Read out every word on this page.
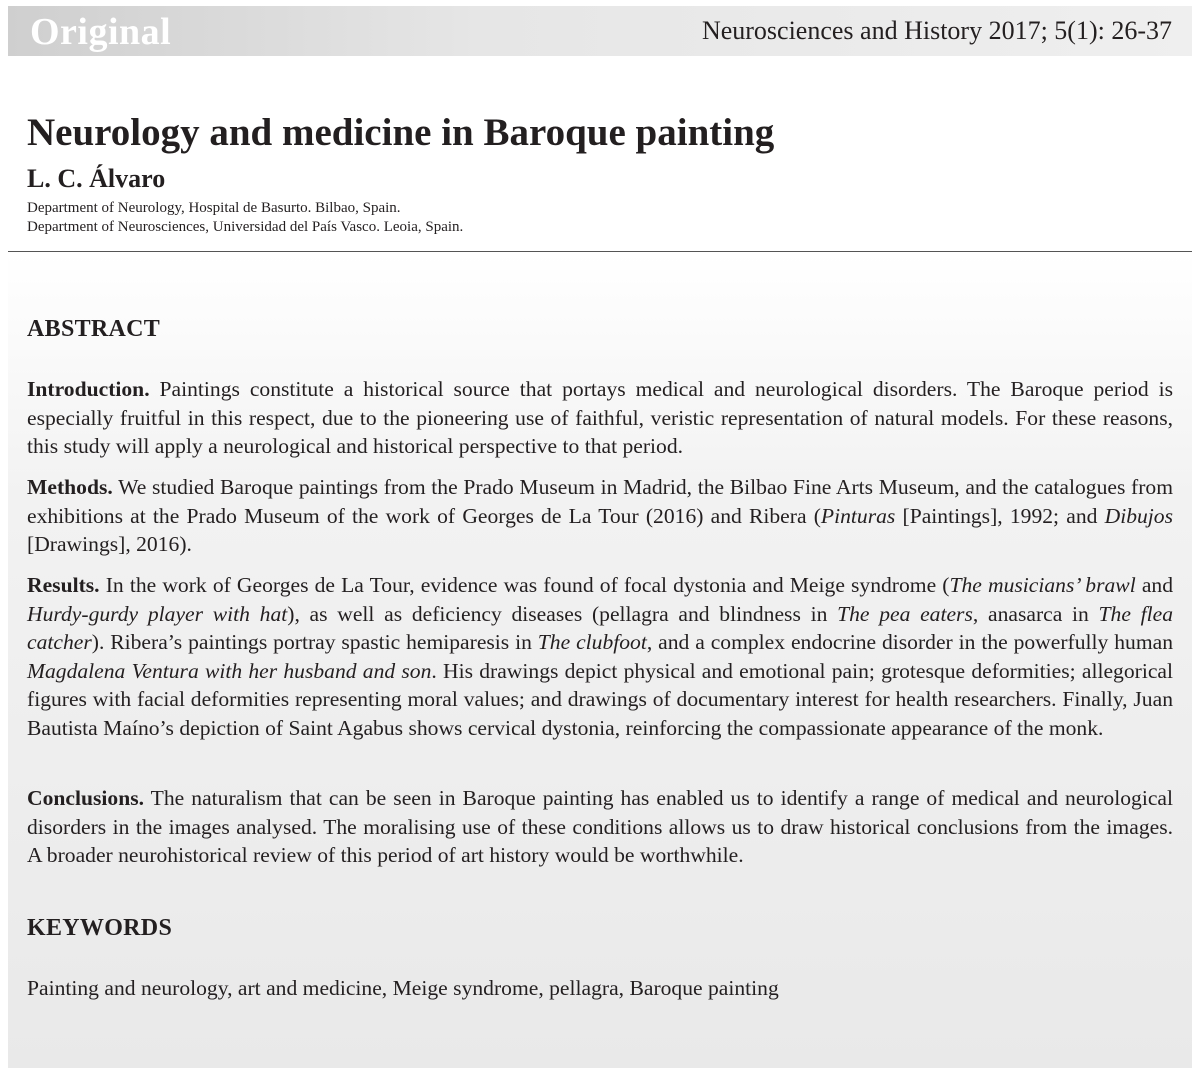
Original	Neurosciences and History 2017; 5(1): 26-37
Neurology and medicine in Baroque painting
L. C. Álvaro
Department of Neurology, Hospital de Basurto. Bilbao, Spain.
Department of Neurosciences, Universidad del País Vasco. Leoia, Spain.
ABSTRACT

Introduction. Paintings constitute a historical source that portays medical and neurological disorders. The Baroque period is especially fruitful in this respect, due to the pioneering use of faithful, veristic representation of natural models. For these reasons, this study will apply a neurological and historical perspective to that period.

Methods. We studied Baroque paintings from the Prado Museum in Madrid, the Bilbao Fine Arts Museum, and the catalogues from exhibitions at the Prado Museum of the work of Georges de La Tour (2016) and Ribera (Pinturas [Paintings], 1992; and Dibujos [Drawings], 2016).

Results. In the work of Georges de La Tour, evidence was found of focal dystonia and Meige syndrome (The musicians’ brawl and Hurdy-gurdy player with hat), as well as deficiency diseases (pellagra and blindness in The pea eaters, anasarca in The flea catcher). Ribera’s paintings portray spastic hemiparesis in The clubfoot, and a complex endocrine disorder in the powerfully human Magdalena Ventura with her husband and son. His drawings depict physical and emotional pain; grotesque deformities; allegorical figures with facial deformities representing moral values; and drawings of documentary interest for health researchers. Finally, Juan Bautista Maíno’s depiction of Saint Agabus shows cervical dystonia, reinforcing the compassionate appearance of the monk.

Conclusions. The naturalism that can be seen in Baroque painting has enabled us to identify a range of medical and neurological disorders in the images analysed. The moralising use of these conditions allows us to draw historical conclusions from the images. A broader neurohistorical review of this period of art history would be worthwhile.

KEYWORDS
Painting and neurology, art and medicine, Meige syndrome, pellagra, Baroque painting
